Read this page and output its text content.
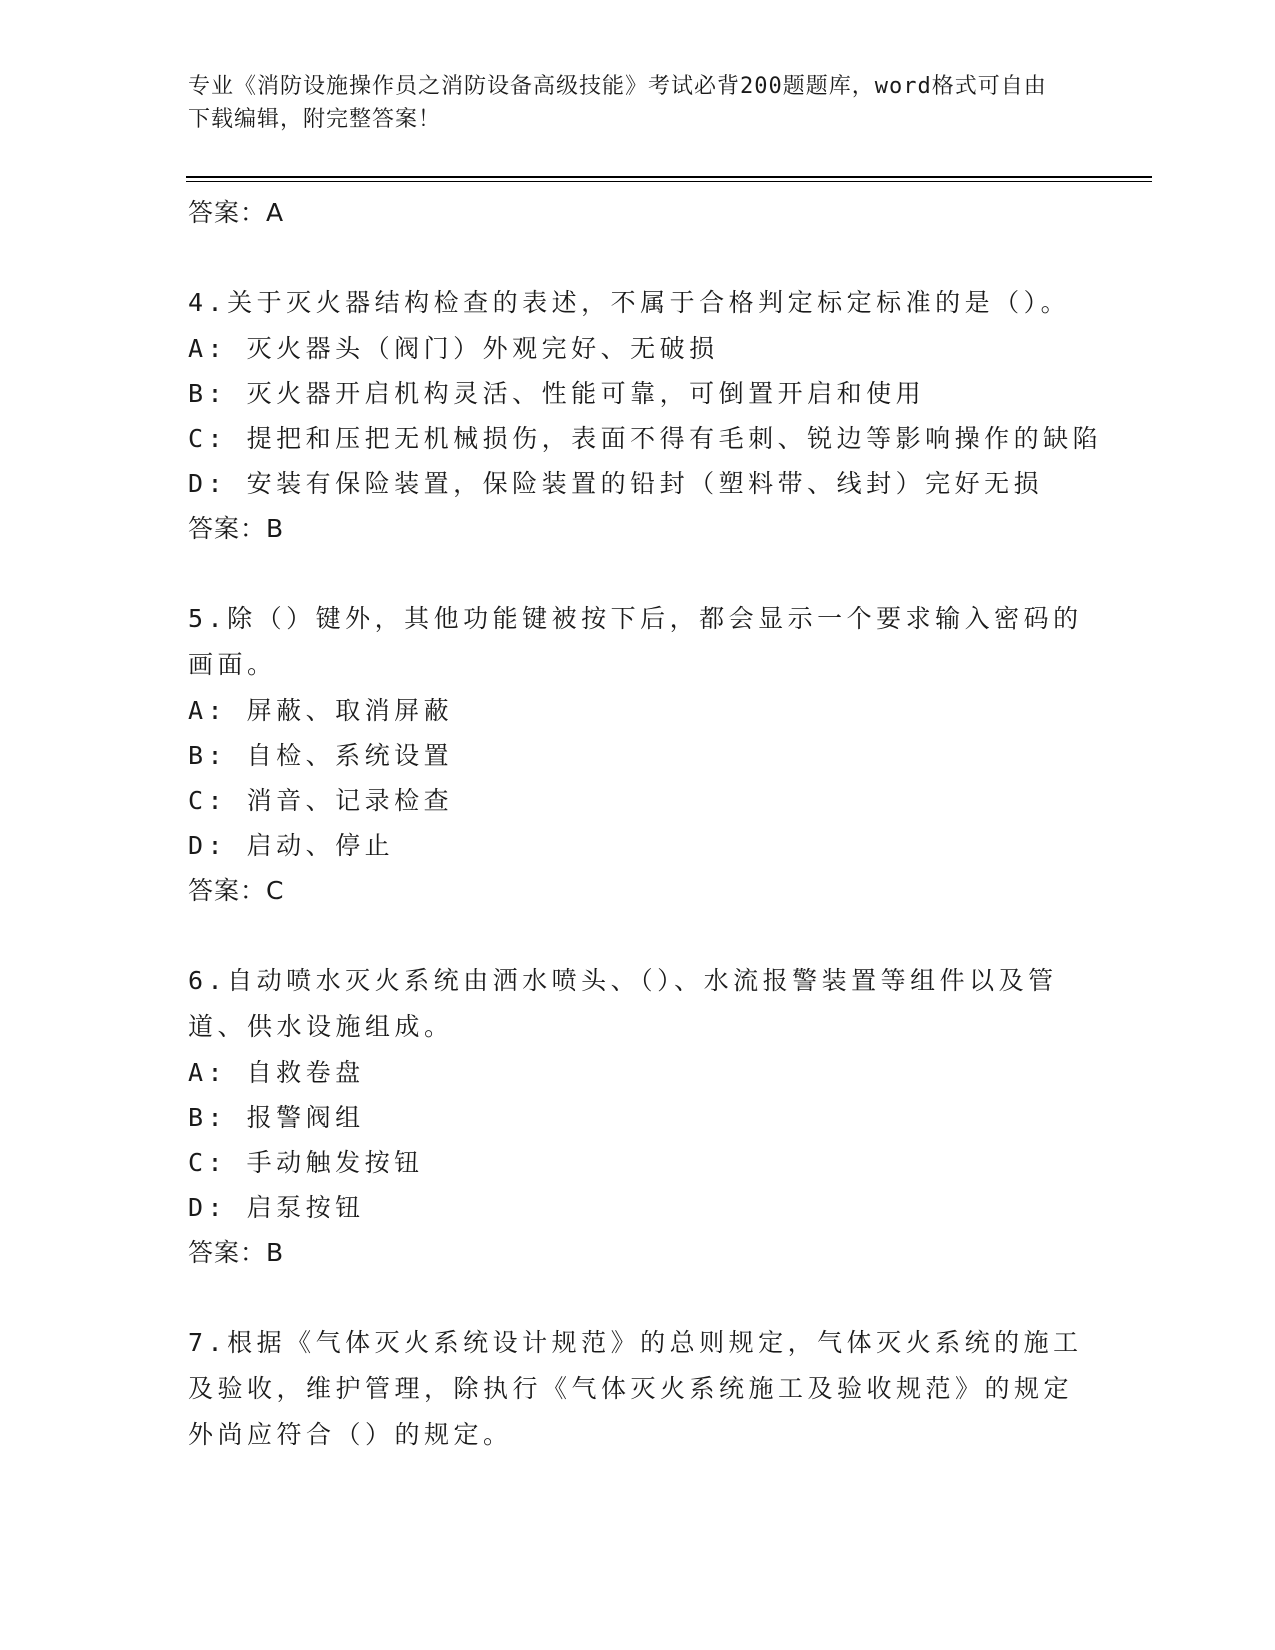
专业《消防设施操作员之消防设备高级技能》考试必背200题题库，word格式可自由下载编辑，附完整答案！
答案：A
4.关于灭火器结构检查的表述，不属于合格判定标定标准的是（）。
A: 灭火器头（阀门）外观完好、无破损
B: 灭火器开启机构灵活、性能可靠，可倒置开启和使用
C: 提把和压把无机械损伤，表面不得有毛刺、锐边等影响操作的缺陷
D: 安装有保险装置，保险装置的铅封（塑料带、线封）完好无损
答案：B
5.除（）键外，其他功能键被按下后，都会显示一个要求输入密码的画面。
A: 屏蔽、取消屏蔽
B: 自检、系统设置
C: 消音、记录检查
D: 启动、停止
答案：C
6.自动喷水灭火系统由洒水喷头、（）、水流报警装置等组件以及管道、供水设施组成。
A: 自救卷盘
B: 报警阀组
C: 手动触发按钮
D: 启泵按钮
答案：B
7.根据《气体灭火系统设计规范》的总则规定，气体灭火系统的施工及验收，维护管理，除执行《气体灭火系统施工及验收规范》的规定外尚应符合（）的规定。
